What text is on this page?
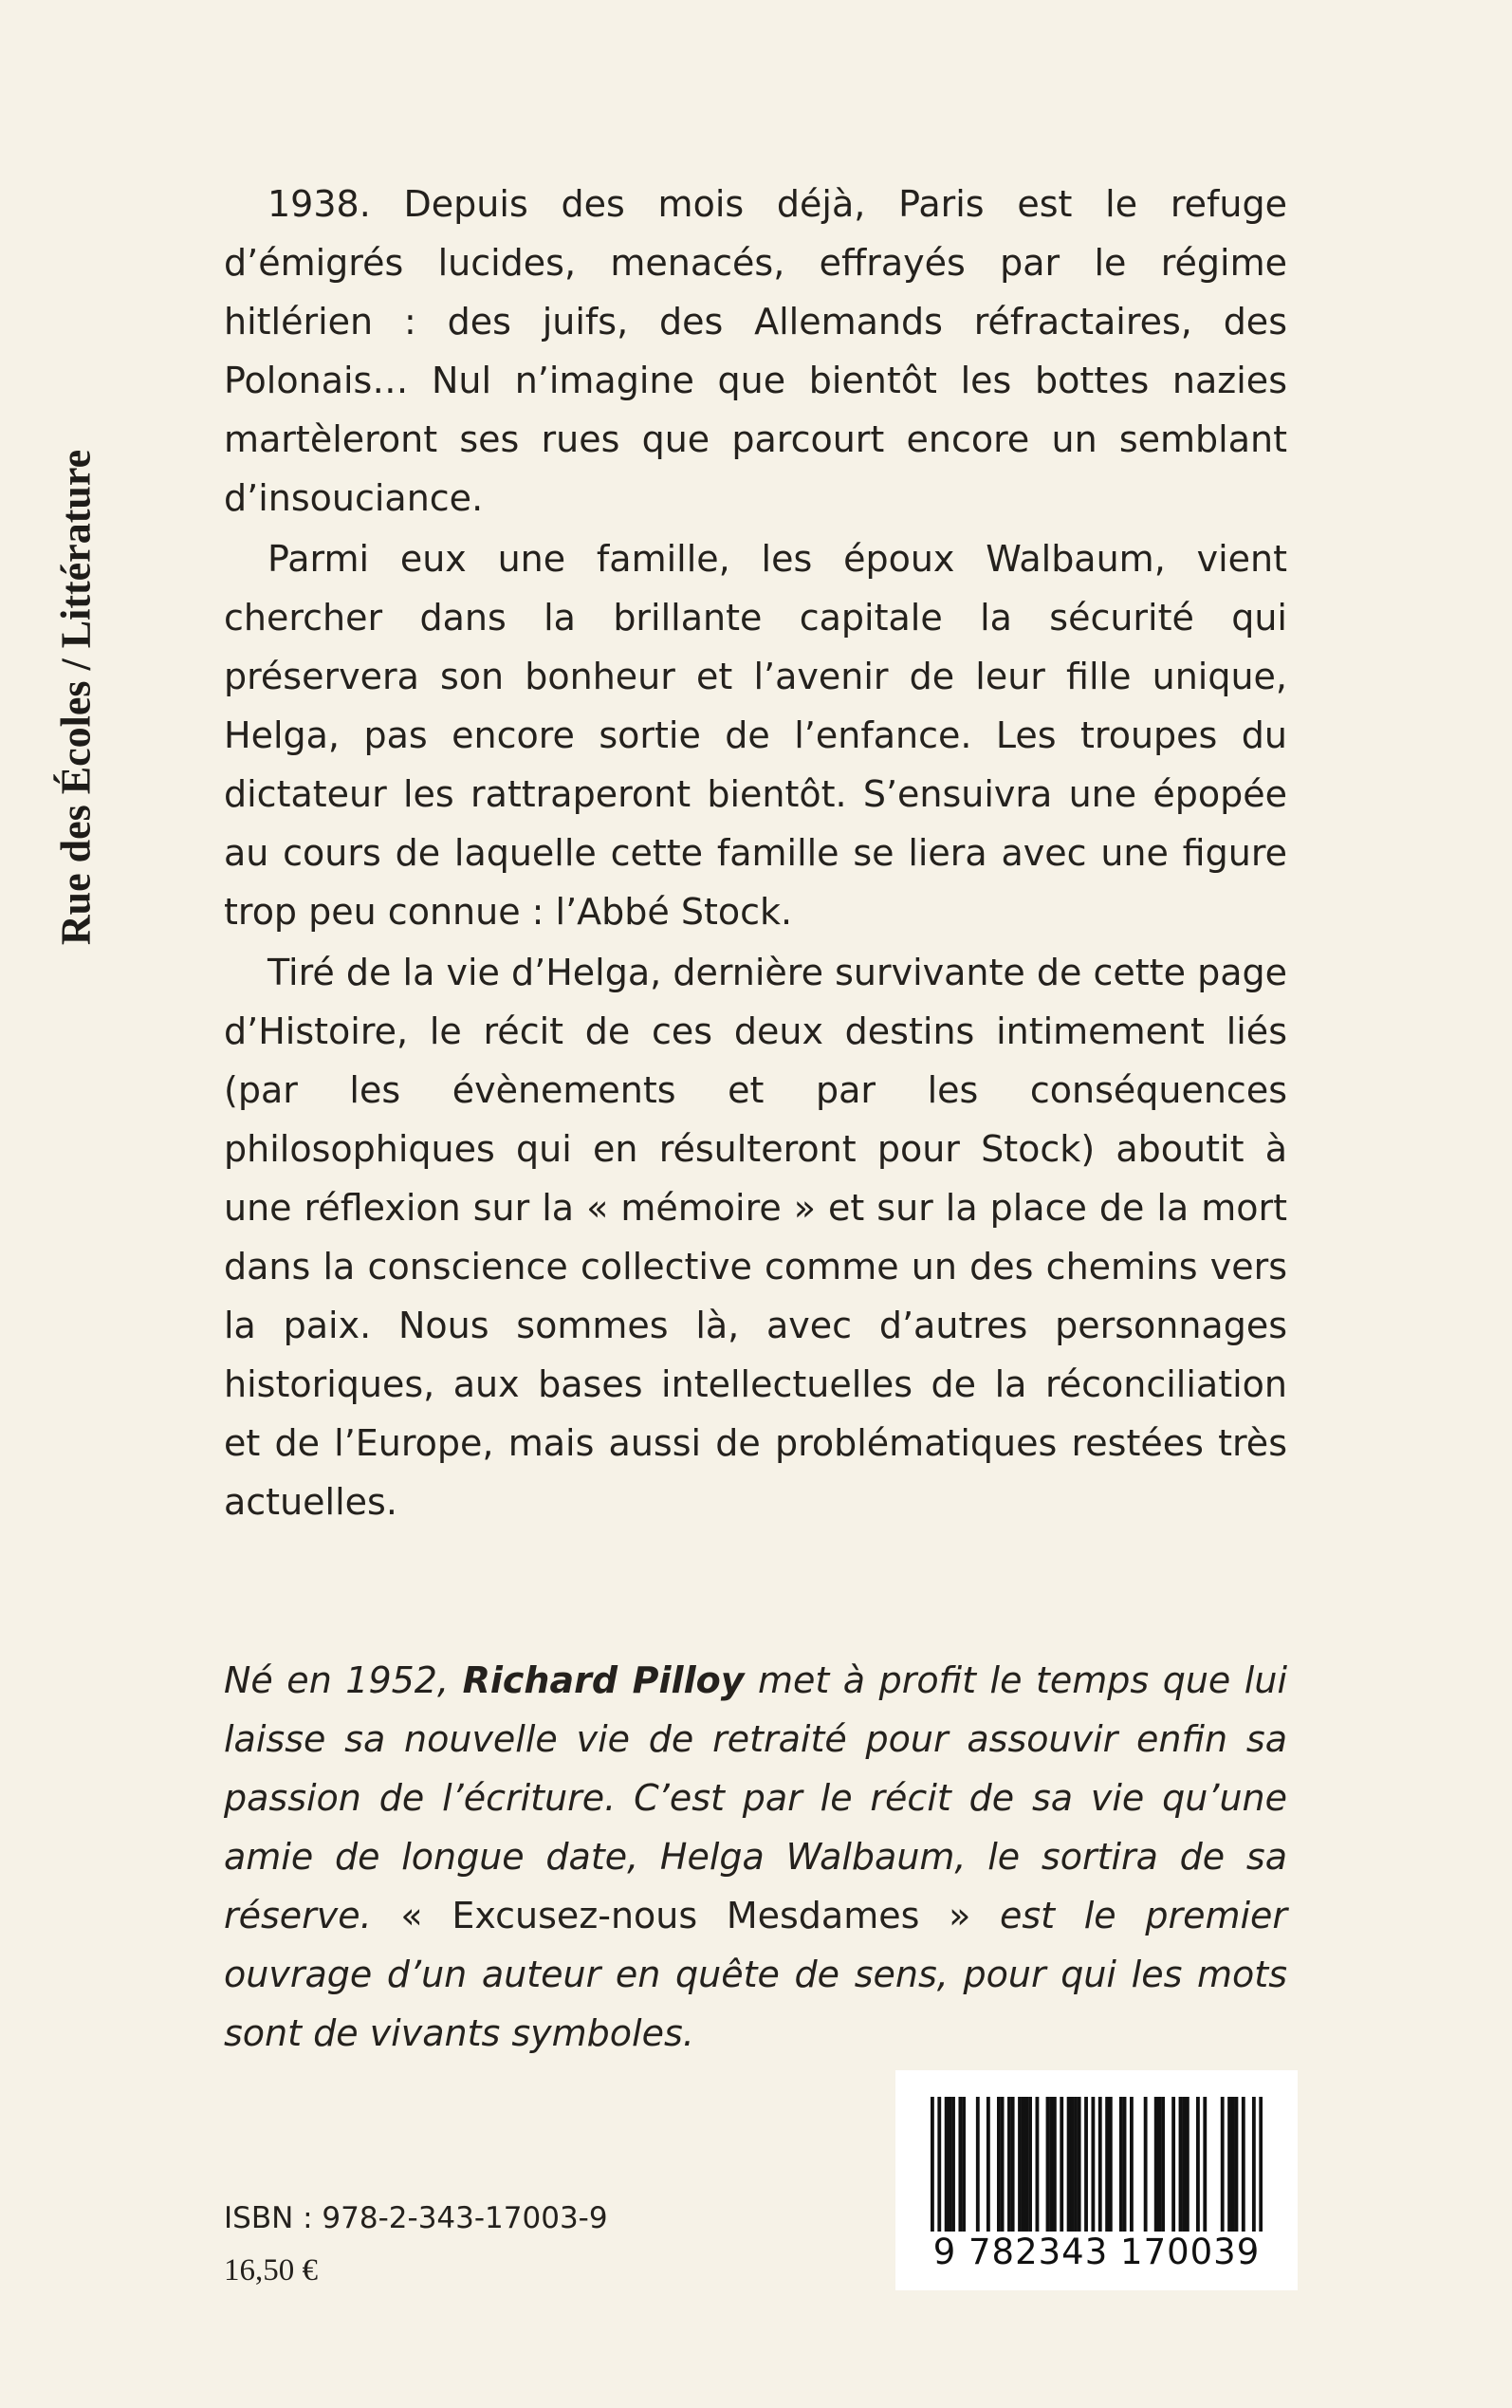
Rue des Écoles / Littérature

1938. Depuis des mois déjà, Paris est le refuge d’émigrés lucides, menacés, effrayés par le régime hitlérien : des juifs, des Allemands réfractaires, des Polonais… Nul n’imagine que bientôt les bottes nazies martèleront ses rues que parcourt encore un semblant d’insouciance.

Parmi eux une famille, les époux Walbaum, vient chercher dans la brillante capitale la sécurité qui préservera son bonheur et l’avenir de leur fille unique, Helga, pas encore sortie de l’enfance. Les troupes du dictateur les rattraperont bientôt. S’ensuivra une épopée au cours de laquelle cette famille se liera avec une figure trop peu connue : l’Abbé Stock.

Tiré de la vie d’Helga, dernière survivante de cette page d’Histoire, le récit de ces deux destins intimement liés (par les évènements et par les conséquences philosophiques qui en résulteront pour Stock) aboutit à une réflexion sur la « mémoire » et sur la place de la mort dans la conscience collective comme un des chemins vers la paix. Nous sommes là, avec d’autres personnages historiques, aux bases intellectuelles de la réconciliation et de l’Europe, mais aussi de problématiques restées très actuelles.

Né en 1952, Richard Pilloy met à profit le temps que lui laisse sa nouvelle vie de retraité pour assouvir enfin sa passion de l’écriture. C’est par le récit de sa vie qu’une amie de longue date, Helga Walbaum, le sortira de sa réserve. « Excusez-nous Mesdames » est le premier ouvrage d’un auteur en quête de sens, pour qui les mots sont de vivants symboles.

ISBN : 978-2-343-17003-9
16,50 €	9 782343 170039
